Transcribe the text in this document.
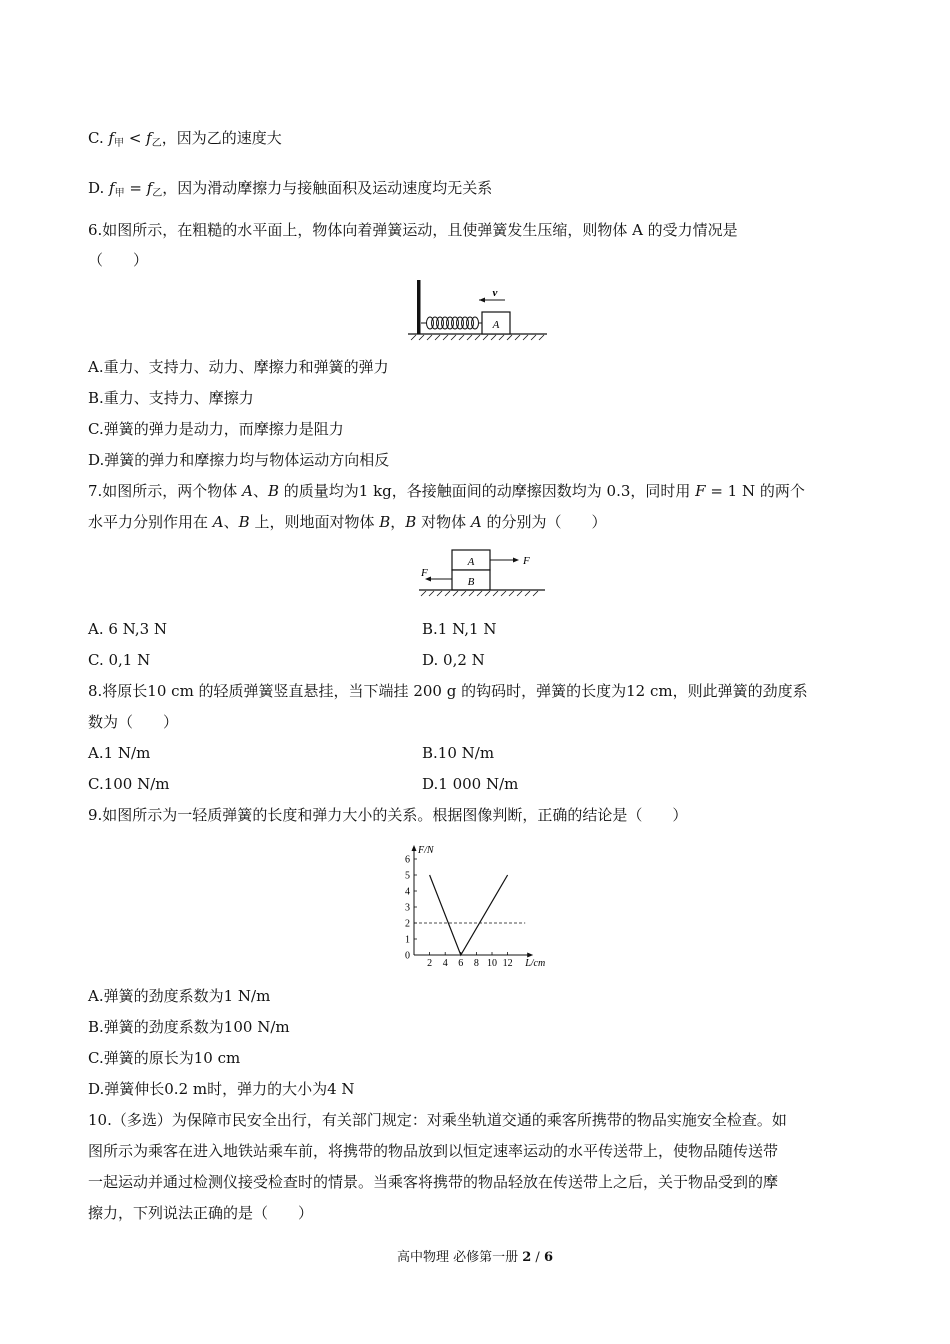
C. $f_甲 < f_乙$，因为乙的速度大
D. $f_甲 = f_乙$，因为滑动摩擦力与接触面积及运动速度均无关系
6.如图所示，在粗糙的水平面上，物体向着弹簧运动，且使弹簧发生压缩，则物体 A 的受力情况是
（　　）
A
v
A.重力、支持力、动力、摩擦力和弹簧的弹力
B.重力、支持力、摩擦力
C.弹簧的弹力是动力，而摩擦力是阻力
D.弹簧的弹力和摩擦力均与物体运动方向相反
7.如图所示，两个物体 A、B 的质量均为1 kg，各接触面间的动摩擦因数均为 0.3，同时用 F = 1 N 的两个
水平力分别作用在 A、B 上，则地面对物体 B，B 对物体 A 的分别为（　　）
A
B
F
F
A. 6 N,3 N	B.1 N,1 N
C. 0,1 N	D. 0,2 N
8.将原长10 cm 的轻质弹簧竖直悬挂，当下端挂 200 g 的钩码时，弹簧的长度为12 cm，则此弹簧的劲度系
数为（　　）
A.1 N/m	B.10 N/m
C.100 N/m	D.1 000 N/m
9.如图所示为一轻质弹簧的长度和弹力大小的关系。根据图像判断，正确的结论是（　　）
0
1
2
3
4
5
6
2 4 6 8 10 12
F/N
L/cm
A.弹簧的劲度系数为1 N/m
B.弹簧的劲度系数为100 N/m
C.弹簧的原长为10 cm
D.弹簧伸长0.2 m时，弹力的大小为4 N
10.（多选）为保障市民安全出行，有关部门规定：对乘坐轨道交通的乘客所携带的物品实施安全检查。如
图所示为乘客在进入地铁站乘车前，将携带的物品放到以恒定速率运动的水平传送带上，使物品随传送带
一起运动并通过检测仪接受检查时的情景。当乘客将携带的物品轻放在传送带上之后，关于物品受到的摩
擦力，下列说法正确的是（　　）
高中物理 必修第一册 2 / 6
